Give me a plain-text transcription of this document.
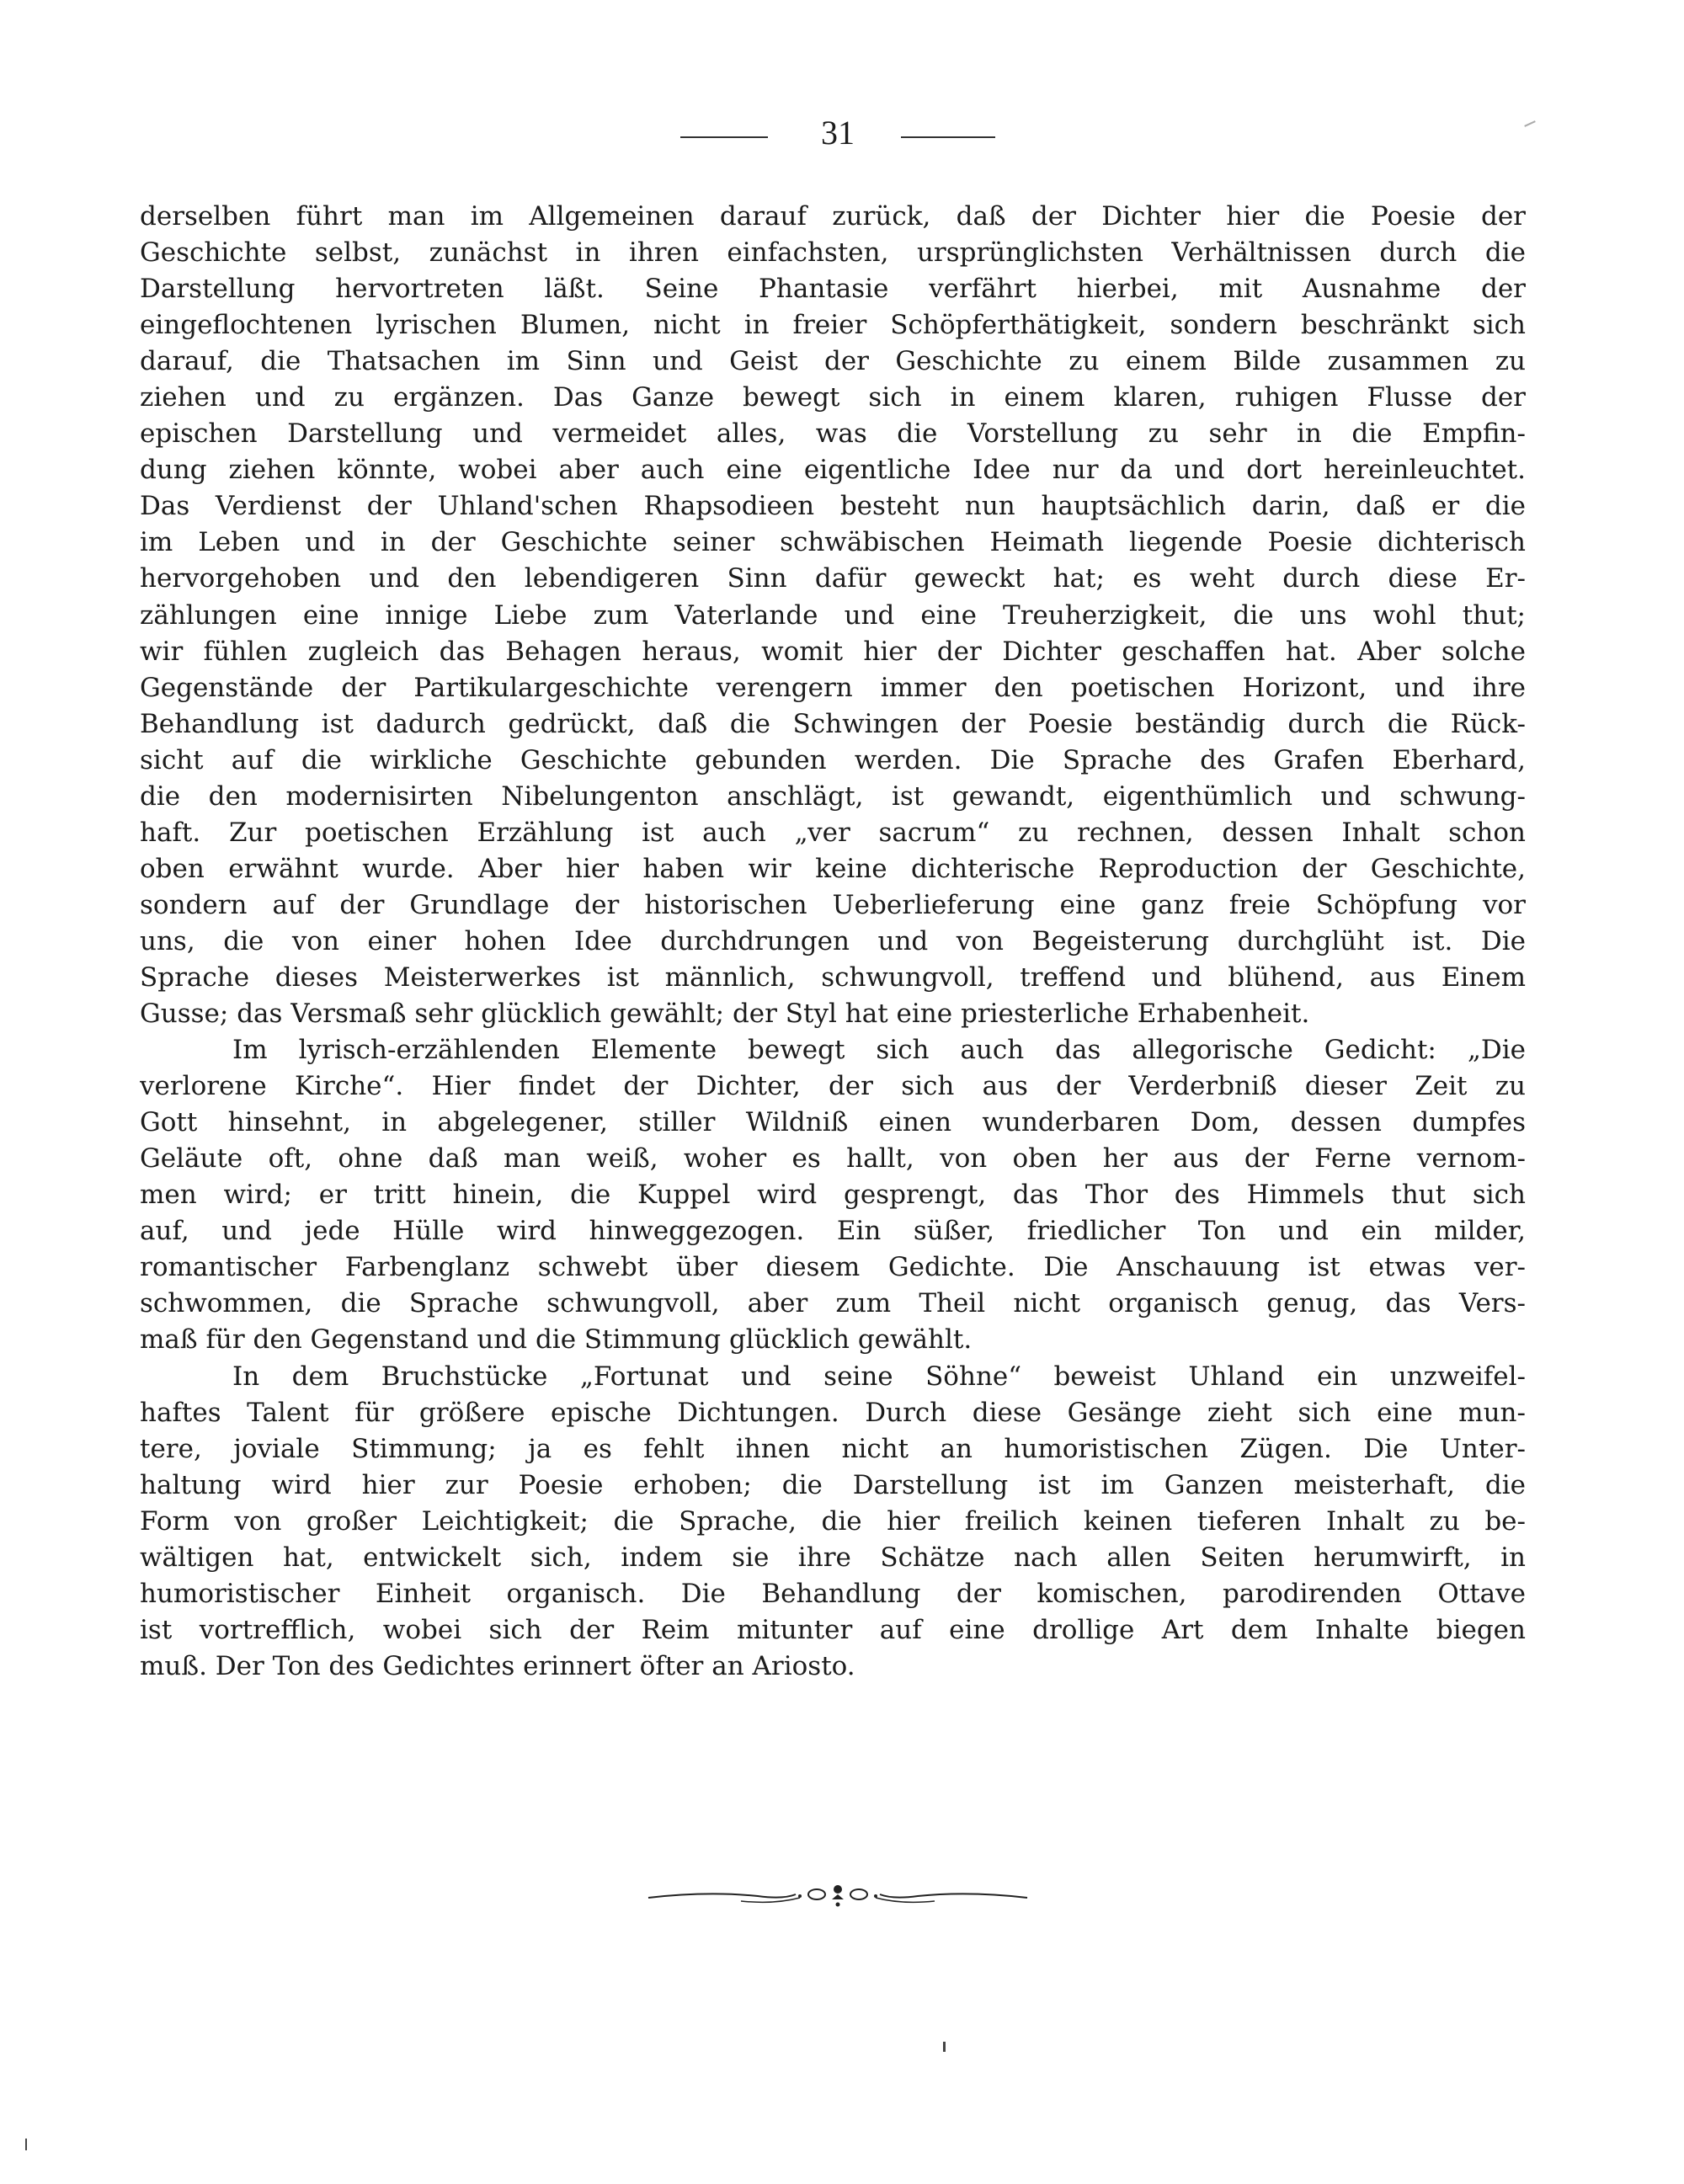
31
derselben führt man im Allgemeinen darauf zurück, daß der Dichter hier die Poesie der
Geschichte selbst, zunächst in ihren einfachsten, ursprünglichsten Verhältnissen durch die
Darstellung hervortreten läßt. Seine Phantasie verfährt hierbei, mit Ausnahme der
eingeflochtenen lyrischen Blumen, nicht in freier Schöpferthätigkeit, sondern beschränkt sich
darauf, die Thatsachen im Sinn und Geist der Geschichte zu einem Bilde zusammen zu
ziehen und zu ergänzen. Das Ganze bewegt sich in einem klaren, ruhigen Flusse der
epischen Darstellung und vermeidet alles, was die Vorstellung zu sehr in die Empfin-
dung ziehen könnte, wobei aber auch eine eigentliche Idee nur da und dort hereinleuchtet.
Das Verdienst der Uhland'schen Rhapsodieen besteht nun hauptsächlich darin, daß er die
im Leben und in der Geschichte seiner schwäbischen Heimath liegende Poesie dichterisch
hervorgehoben und den lebendigeren Sinn dafür geweckt hat; es weht durch diese Er-
zählungen eine innige Liebe zum Vaterlande und eine Treuherzigkeit, die uns wohl thut;
wir fühlen zugleich das Behagen heraus, womit hier der Dichter geschaffen hat. Aber solche
Gegenstände der Partikulargeschichte verengern immer den poetischen Horizont, und ihre
Behandlung ist dadurch gedrückt, daß die Schwingen der Poesie beständig durch die Rück-
sicht auf die wirkliche Geschichte gebunden werden. Die Sprache des Grafen Eberhard,
die den modernisirten Nibelungenton anschlägt, ist gewandt, eigenthümlich und schwung-
haft. Zur poetischen Erzählung ist auch „ver sacrum“ zu rechnen, dessen Inhalt schon
oben erwähnt wurde. Aber hier haben wir keine dichterische Reproduction der Geschichte,
sondern auf der Grundlage der historischen Ueberlieferung eine ganz freie Schöpfung vor
uns, die von einer hohen Idee durchdrungen und von Begeisterung durchglüht ist. Die
Sprache dieses Meisterwerkes ist männlich, schwungvoll, treffend und blühend, aus Einem
Gusse; das Versmaß sehr glücklich gewählt; der Styl hat eine priesterliche Erhabenheit.
Im lyrisch-erzählenden Elemente bewegt sich auch das allegorische Gedicht: „Die
verlorene Kirche“. Hier findet der Dichter, der sich aus der Verderbniß dieser Zeit zu
Gott hinsehnt, in abgelegener, stiller Wildniß einen wunderbaren Dom, dessen dumpfes
Geläute oft, ohne daß man weiß, woher es hallt, von oben her aus der Ferne vernom-
men wird; er tritt hinein, die Kuppel wird gesprengt, das Thor des Himmels thut sich
auf, und jede Hülle wird hinweggezogen. Ein süßer, friedlicher Ton und ein milder,
romantischer Farbenglanz schwebt über diesem Gedichte. Die Anschauung ist etwas ver-
schwommen, die Sprache schwungvoll, aber zum Theil nicht organisch genug, das Vers-
maß für den Gegenstand und die Stimmung glücklich gewählt.
In dem Bruchstücke „Fortunat und seine Söhne“ beweist Uhland ein unzweifel-
haftes Talent für größere epische Dichtungen. Durch diese Gesänge zieht sich eine mun-
tere, joviale Stimmung; ja es fehlt ihnen nicht an humoristischen Zügen. Die Unter-
haltung wird hier zur Poesie erhoben; die Darstellung ist im Ganzen meisterhaft, die
Form von großer Leichtigkeit; die Sprache, die hier freilich keinen tieferen Inhalt zu be-
wältigen hat, entwickelt sich, indem sie ihre Schätze nach allen Seiten herumwirft, in
humoristischer Einheit organisch. Die Behandlung der komischen, parodirenden Ottave
ist vortrefflich, wobei sich der Reim mitunter auf eine drollige Art dem Inhalte biegen
muß. Der Ton des Gedichtes erinnert öfter an Ariosto.
